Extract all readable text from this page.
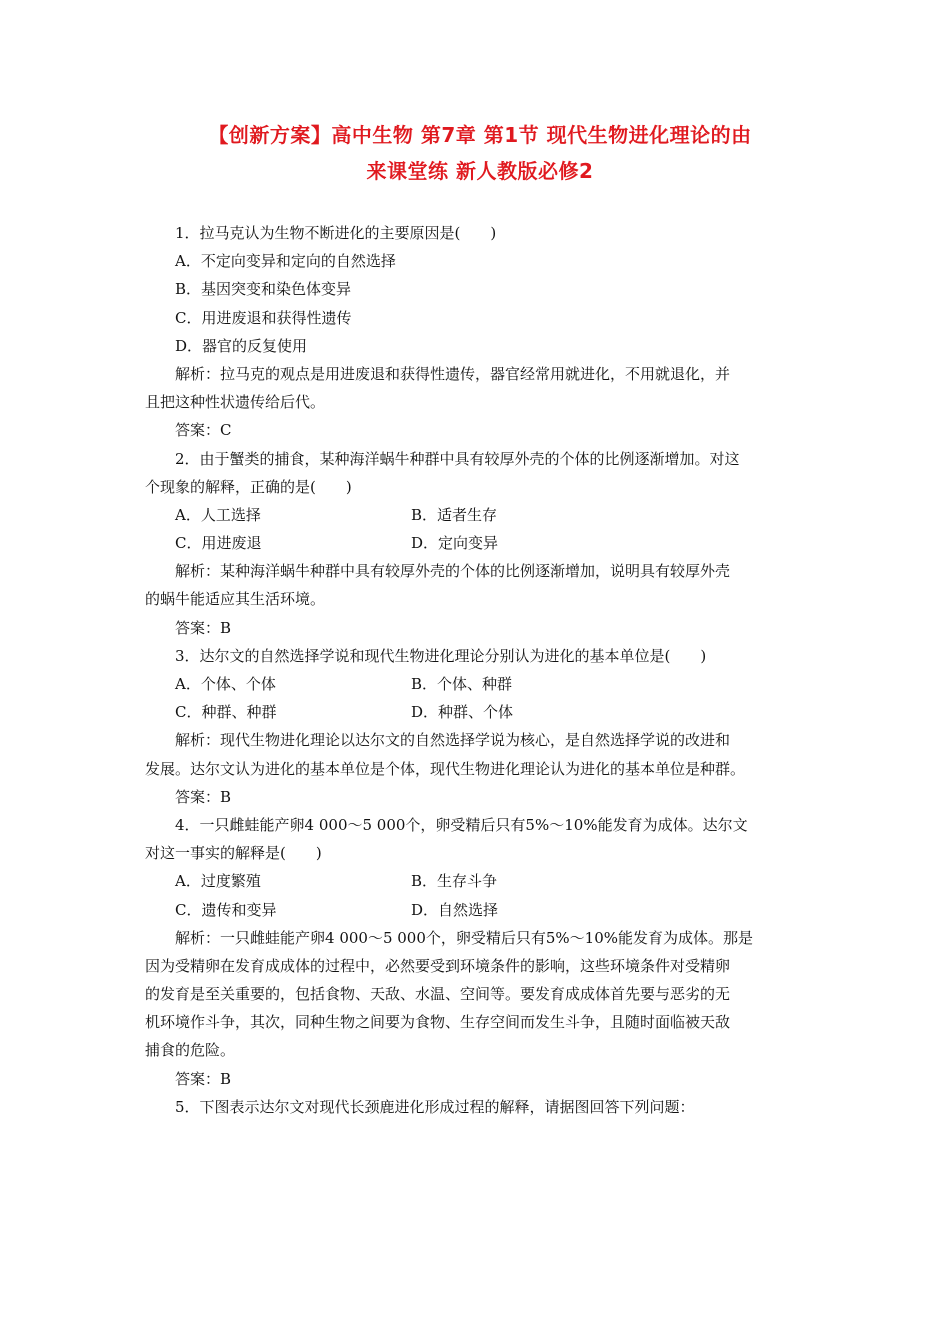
【创新方案】高中生物 第7章 第1节 现代生物进化理论的由
来课堂练 新人教版必修2
1．拉马克认为生物不断进化的主要原因是(　　)
A．不定向变异和定向的自然选择
B．基因突变和染色体变异
C．用进废退和获得性遗传
D．器官的反复使用
解析：拉马克的观点是用进废退和获得性遗传，器官经常用就进化，不用就退化，并
且把这种性状遗传给后代。
答案：C
2．由于蟹类的捕食，某种海洋蜗牛种群中具有较厚外壳的个体的比例逐渐增加。对这
个现象的解释，正确的是(　　)
A．人工选择	B．适者生存
C．用进废退	D．定向变异
解析：某种海洋蜗牛种群中具有较厚外壳的个体的比例逐渐增加，说明具有较厚外壳
的蜗牛能适应其生活环境。
答案：B
3．达尔文的自然选择学说和现代生物进化理论分别认为进化的基本单位是(　　)
A．个体、个体	B．个体、种群
C．种群、种群	D．种群、个体
解析：现代生物进化理论以达尔文的自然选择学说为核心，是自然选择学说的改进和
发展。达尔文认为进化的基本单位是个体，现代生物进化理论认为进化的基本单位是种群。
答案：B
4．一只雌蛙能产卵4 000～5 000个，卵受精后只有5%～10%能发育为成体。达尔文
对这一事实的解释是(　　)
A．过度繁殖	B．生存斗争
C．遗传和变异	D．自然选择
解析：一只雌蛙能产卵4 000～5 000个，卵受精后只有5%～10%能发育为成体。那是
因为受精卵在发育成成体的过程中，必然要受到环境条件的影响，这些环境条件对受精卵
的发育是至关重要的，包括食物、天敌、水温、空间等。要发育成成体首先要与恶劣的无
机环境作斗争，其次，同种生物之间要为食物、生存空间而发生斗争，且随时面临被天敌
捕食的危险。
答案：B
5．下图表示达尔文对现代长颈鹿进化形成过程的解释，请据图回答下列问题：
